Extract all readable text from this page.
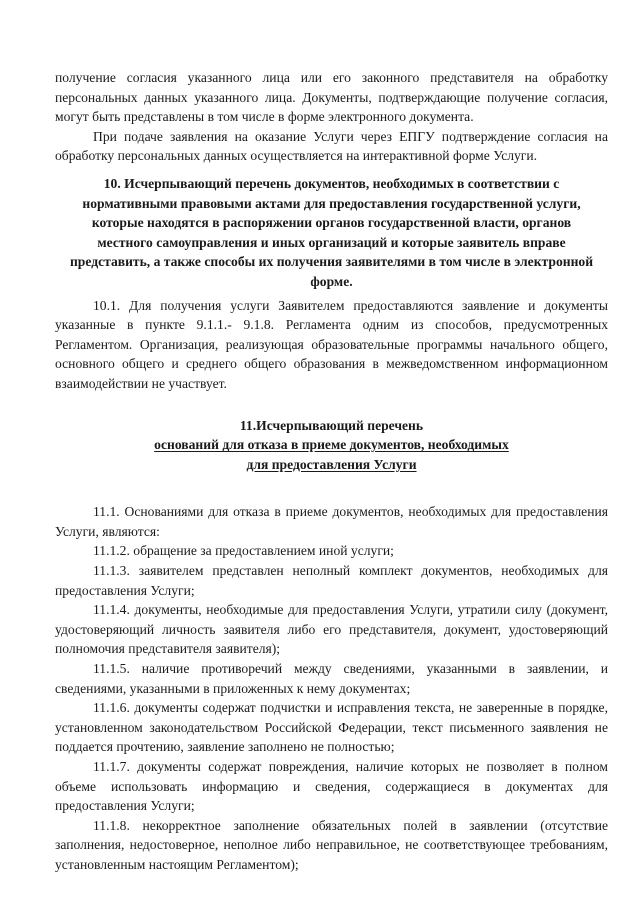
получение согласия указанного лица или его законного представителя на обработку персональных данных указанного лица. Документы, подтверждающие получение согласия, могут быть представлены в том числе в форме электронного документа.

При подаче заявления на оказание Услуги через ЕПГУ подтверждение согласия на обработку персональных данных осуществляется на интерактивной форме Услуги.

10. Исчерпывающий перечень документов, необходимых в соответствии с нормативными правовыми актами для предоставления государственной услуги, которые находятся в распоряжении органов государственной власти, органов местного самоуправления и иных организаций и которые заявитель вправе представить, а также способы их получения заявителями в том числе в электронной форме.

10.1. Для получения услуги Заявителем предоставляются заявление и документы указанные в пункте 9.1.1.- 9.1.8. Регламента одним из способов, предусмотренных Регламентом. Организация, реализующая образовательные программы начального общего, основного общего и среднего общего образования в межведомственном информационном взаимодействии не участвует.

11.Исчерпывающий перечень
оснований для отказа в приеме документов, необходимых
для предоставления Услуги

11.1. Основаниями для отказа в приеме документов, необходимых для предоставления Услуги, являются:

11.1.2. обращение за предоставлением иной услуги;

11.1.3. заявителем представлен неполный комплект документов, необходимых для предоставления Услуги;

11.1.4. документы, необходимые для предоставления Услуги, утратили силу (документ, удостоверяющий личность заявителя либо его представителя, документ, удостоверяющий полномочия представителя заявителя);

11.1.5. наличие противоречий между сведениями, указанными в заявлении, и сведениями, указанными в приложенных к нему документах;

11.1.6. документы содержат подчистки и исправления текста, не заверенные в порядке, установленном законодательством Российской Федерации, текст письменного заявления не поддается прочтению, заявление заполнено не полностью;

11.1.7. документы содержат повреждения, наличие которых не позволяет в полном объеме использовать информацию и сведения, содержащиеся в документах для предоставления Услуги;

11.1.8. некорректное заполнение обязательных полей в заявлении (отсутствие заполнения, недостоверное, неполное либо неправильное, не соответствующее требованиям, установленным настоящим Регламентом);
